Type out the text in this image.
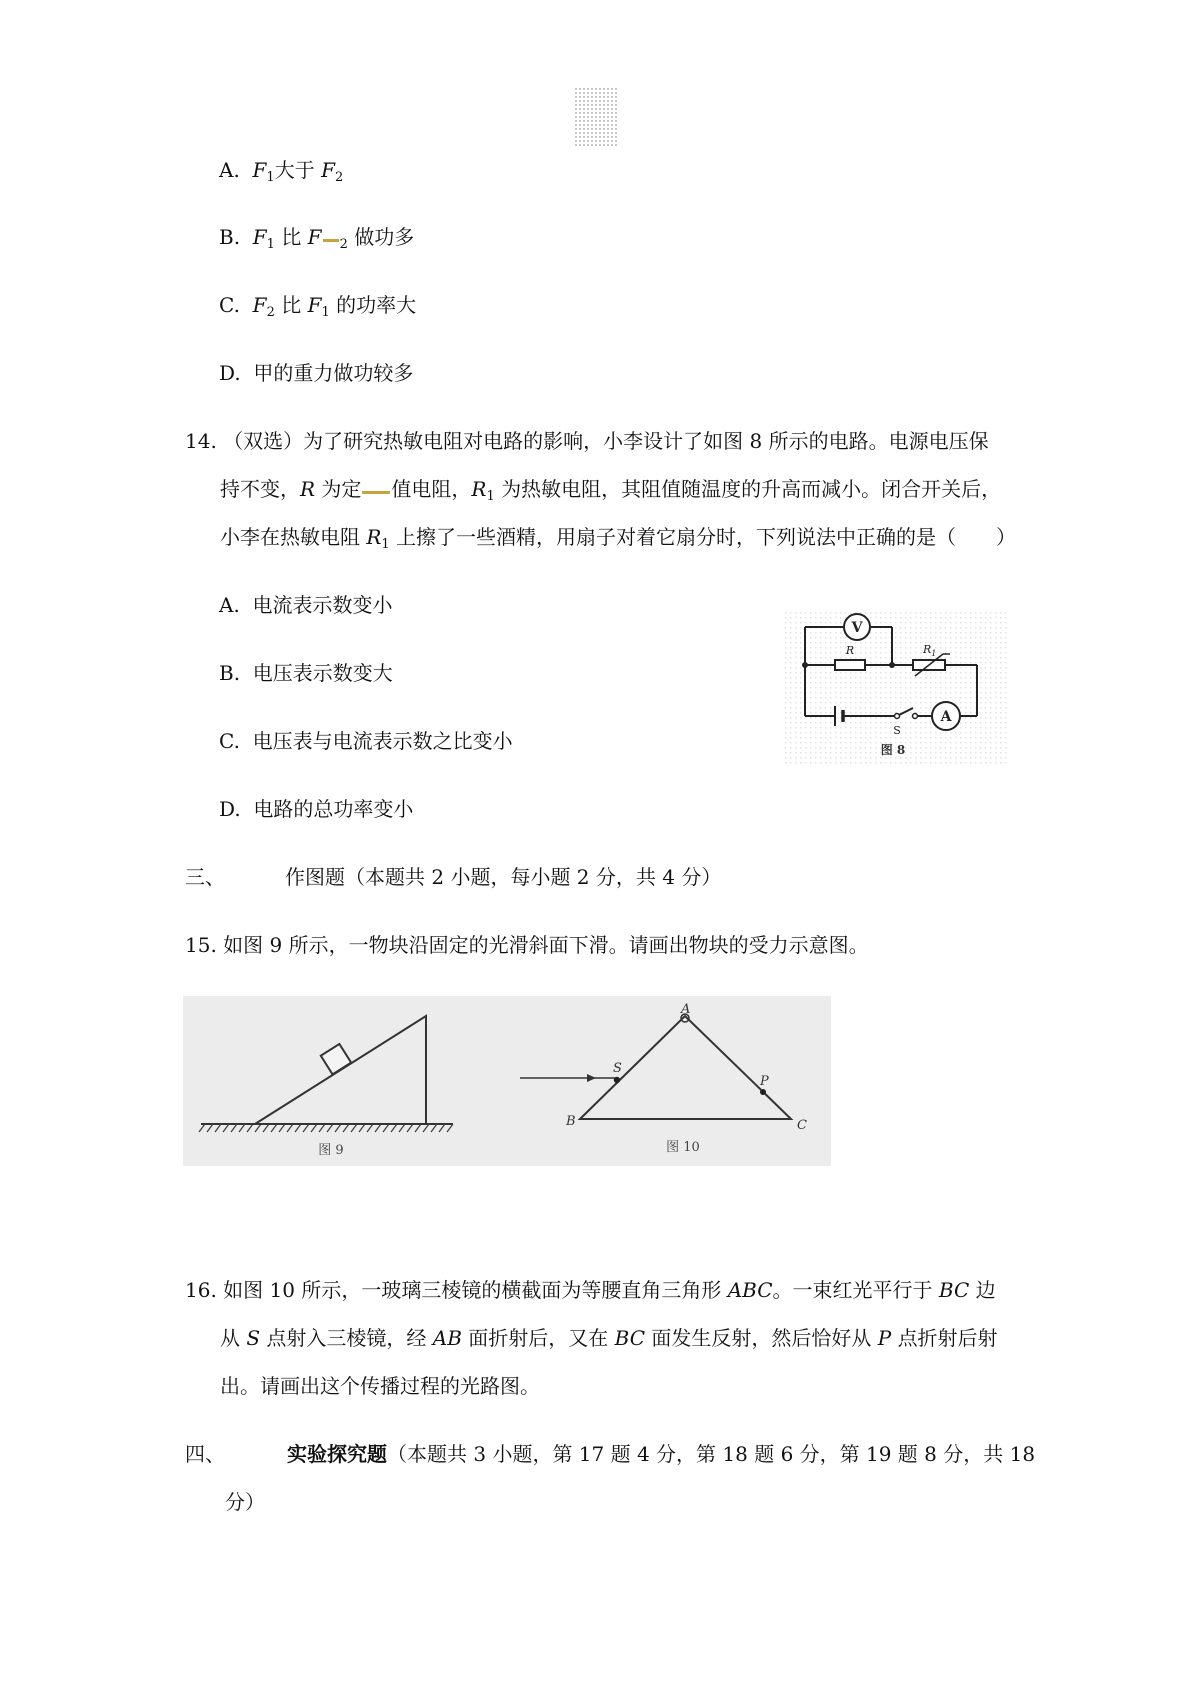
A. $F_1$大于 $F_2$
B. $F_1$ 比 F $_2$ 做功多
C. $F_2$ 比 $F_1$ 的功率大
D. 甲的重力做功较多
14. （双选）为了研究热敏电阻对电路的影响，小李设计了如图 8 所示的电路。电源电压保
持不变，R 为定 值电阻，$R_1$ 为热敏电阻，其阻值随温度的升高而减小。闭合开关后，
小李在热敏电阻 $R_1$ 上擦了一些酒精，用扇子对着它扇分时，下列说法中正确的是（　　）
A. 电流表示数变小
B. 电压表示数变大
C. 电压表与电流表示数之比变小
D. 电路的总功率变小
V
R	$R_1$
S
A
图 8
三、	作图题（本题共 2 小题，每小题 2 分，共 4 分）
15. 如图 9 所示，一物块沿固定的光滑斜面下滑。请画出物块的受力示意图。
图 9
A
B	C
S
P
图 10
16. 如图 10 所示，一玻璃三棱镜的横截面为等腰直角三角形 ABC。一束红光平行于 BC 边
从 S 点射入三棱镜，经 AB 面折射后，又在 BC 面发生反射，然后恰好从 P 点折射后射
出。请画出这个传播过程的光路图。
四、	实验探究题（本题共 3 小题，第 17 题 4 分，第 18 题 6 分，第 19 题 8 分，共 18
分）
